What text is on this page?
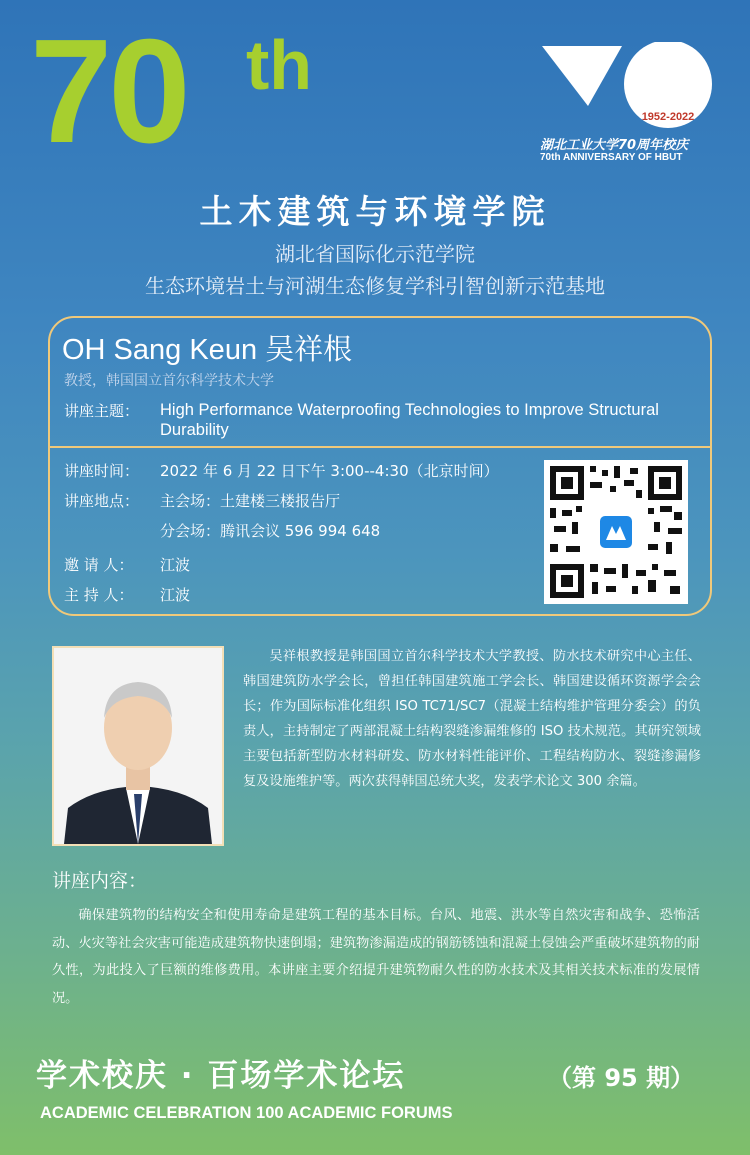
70 th
1952-2022
湖北工业大学70周年校庆
70th ANNIVERSARY OF HBUT
土木建筑与环境学院
湖北省国际化示范学院
生态环境岩土与河湖生态修复学科引智创新示范基地
OH Sang Keun 吴祥根
教授，韩国国立首尔科学技术大学
讲座主题：	High Performance Waterproofing Technologies to Improve Structural Durability
讲座时间：	2022 年 6 月 22 日下午 3:00--4:30（北京时间）
讲座地点：	主会场：土建楼三楼报告厅
分会场：腾讯会议 596 994 648
邀 请 人：	江波
主 持 人：	江波
吴祥根教授是韩国国立首尔科学技术大学教授、防水技术研究中心主任、韩国建筑防水学会长，曾担任韩国建筑施工学会长、韩国建设循环资源学会会长；作为国际标准化组织 ISO TC71/SC7（混凝土结构维护管理分委会）的负责人，主持制定了两部混凝土结构裂缝渗漏维修的 ISO 技术规范。其研究领域主要包括新型防水材料研发、防水材料性能评价、工程结构防水、裂缝渗漏修复及设施维护等。两次获得韩国总统大奖，发表学术论文 300 余篇。
讲座内容：
确保建筑物的结构安全和使用寿命是建筑工程的基本目标。台风、地震、洪水等自然灾害和战争、恐怖活动、火灾等社会灾害可能造成建筑物快速倒塌；建筑物渗漏造成的钢筋锈蚀和混凝土侵蚀会严重破坏建筑物的耐久性，为此投入了巨额的维修费用。本讲座主要介绍提升建筑物耐久性的防水技术及其相关技术标准的发展情况。
学术校庆 · 百场学术论坛	（第 95 期）
ACADEMIC CELEBRATION 100 ACADEMIC FORUMS
